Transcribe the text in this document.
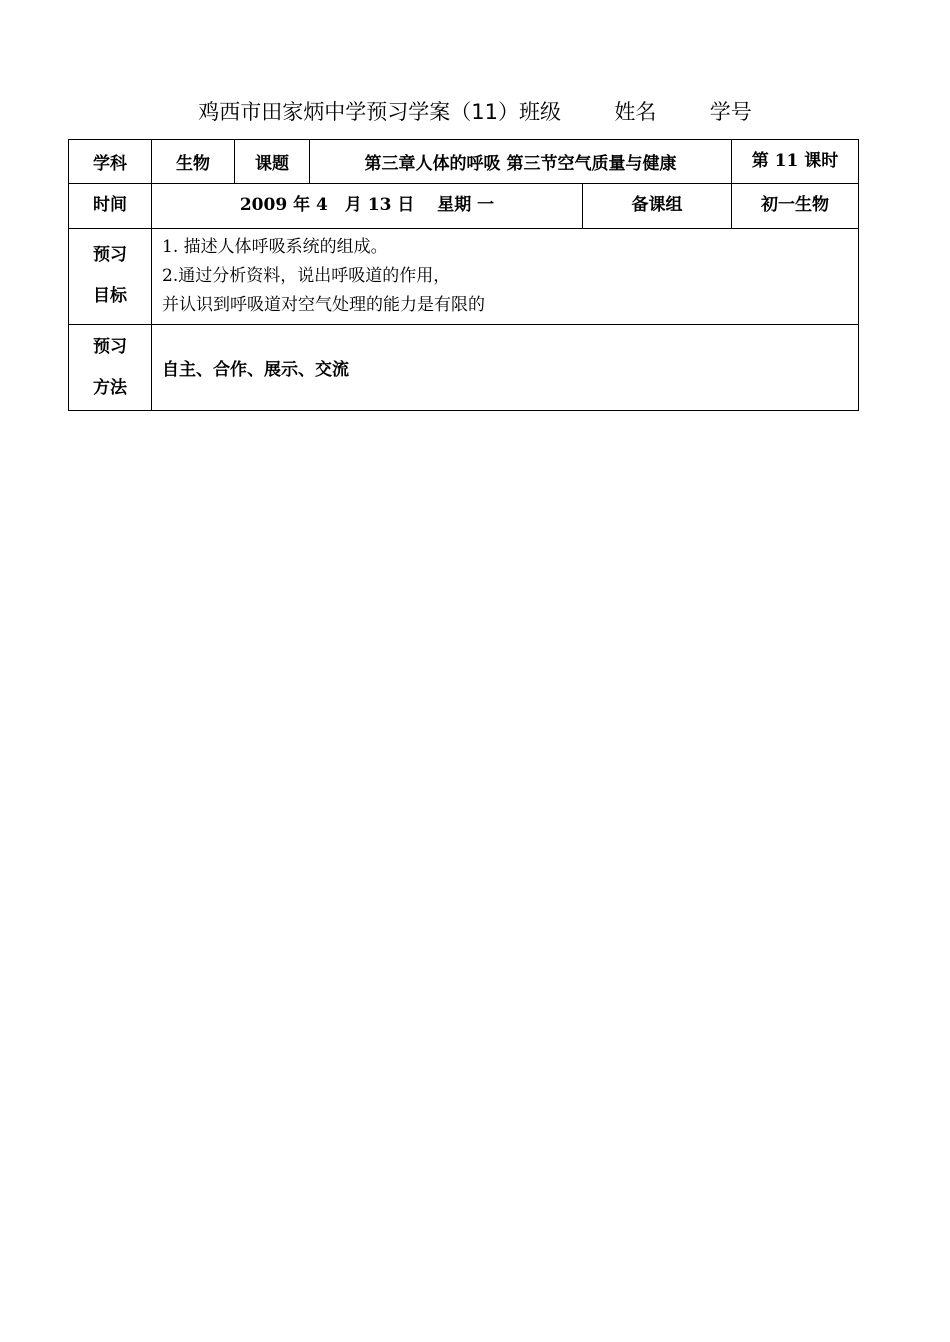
鸡西市田家炳中学预习学案（11）班级	姓名	学号
学科	生物	课题	第三章人体的呼吸 第三节空气质量与健康		第 11 课时
时间	2009 年 4　月 13 日　 星期 一			备课组	初一生物

预习
目标	1. 描述人体呼吸系统的组成。
2.通过分析资料，说出呼吸道的作用，
并认识到呼吸道对空气处理的能力是有限的				

预习
方法	自主、合作、展示、交流				
